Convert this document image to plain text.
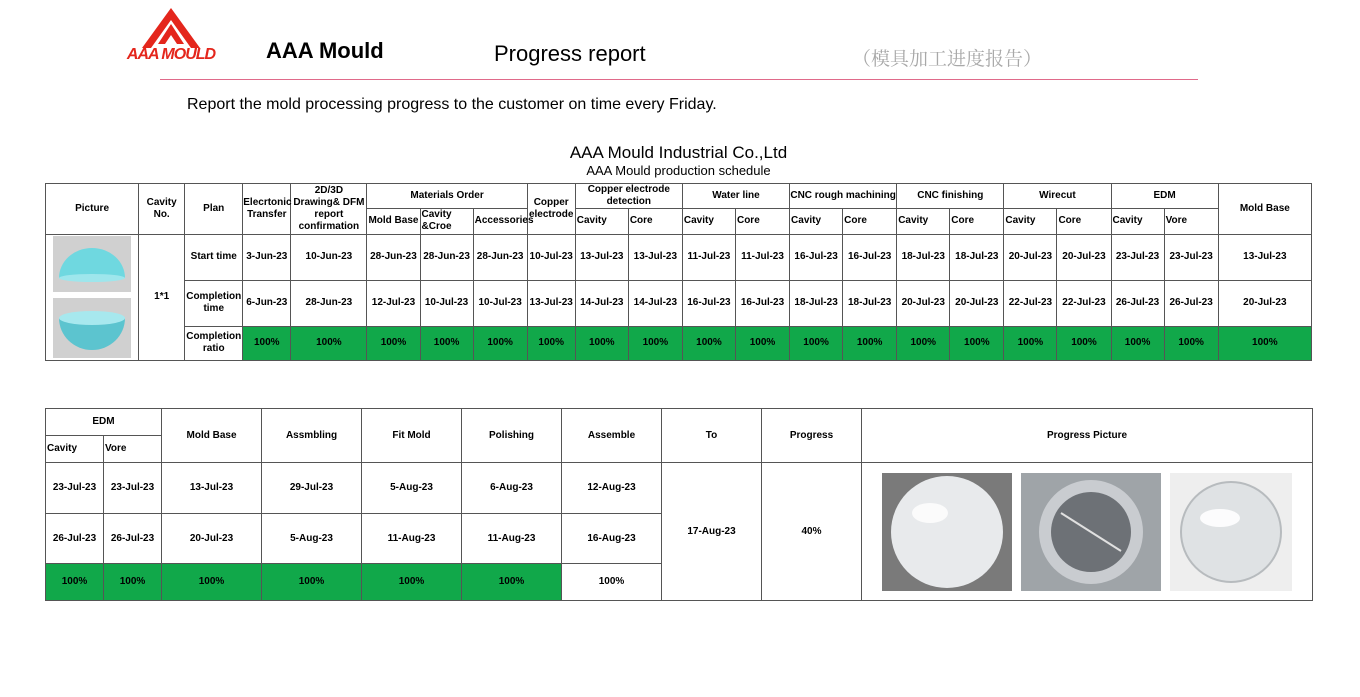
AAA MOULD	AAA Mould	Progress report	（模具加工进度报告）
Report the mold processing progress to the customer on time every Friday.
AAA Mould Industrial Co.,Ltd
AAA Mould production schedule																					

Picture	Cavity No.	Plan	Elecrtonic Transfer	2D/3D Drawing& DFM report confirmation	Materials Order			Copper electrode	Copper electrode detection		Water line		CNC rough machining		CNC finishing		Wirecut		EDM		Mold Base
					Mold Base	Cavity &Croe	Accessories		Cavity	Core	Cavity	Core	Cavity	Core	Cavity	Core	Cavity	Core	Cavity	Vore	

	1*1	Start time	3-Jun-23	10-Jun-23	28-Jun-23	28-Jun-23	28-Jun-23	10-Jul-23	13-Jul-23	13-Jul-23	11-Jul-23	11-Jul-23	16-Jul-23	16-Jul-23	18-Jul-23	18-Jul-23	20-Jul-23	20-Jul-23	23-Jul-23	23-Jul-23	13-Jul-23
		Completion time	6-Jun-23	28-Jun-23	12-Jul-23	10-Jul-23	10-Jul-23	13-Jul-23	14-Jul-23	14-Jul-23	16-Jul-23	16-Jul-23	18-Jul-23	18-Jul-23	20-Jul-23	20-Jul-23	22-Jul-23	22-Jul-23	26-Jul-23	26-Jul-23	20-Jul-23
		Completion ratio	100%	100%	100%	100%	100%	100%	100%	100%	100%	100%	100%	100%	100%	100%	100%	100%	100%	100%	100%
EDM		Mold Base	Assmbling	Fit Mold	Polishing	Assemble	To	Progress	Progress Picture
Cavity	Vore								
23-Jul-23	23-Jul-23	13-Jul-23	29-Jul-23	5-Aug-23	6-Aug-23	12-Aug-23	17-Aug-23	40%	
26-Jul-23	26-Jul-23	20-Jul-23	5-Aug-23	11-Aug-23	11-Aug-23	16-Aug-23			
100%	100%	100%	100%	100%	100%	100%			
